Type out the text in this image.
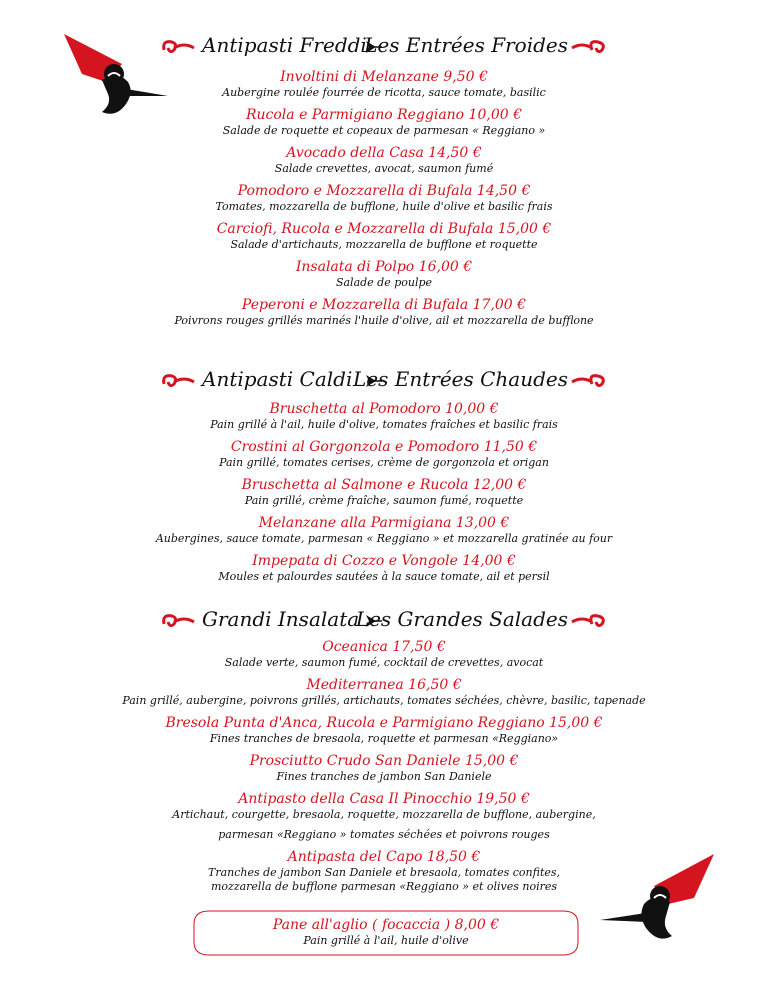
Antipasti Freddi
Les Entrées Froides
Involtini di Melanzane 9,50 €
Aubergine roulée fourrée de ricotta, sauce tomate, basilic
Rucola e Parmigiano Reggiano 10,00 €
Salade de roquette et copeaux de parmesan « Reggiano »
Avocado della Casa 14,50 €
Salade crevettes, avocat, saumon fumé
Pomodoro e Mozzarella di Bufala 14,50 €
Tomates, mozzarella de bufflone, huile d'olive et basilic frais
Carciofi, Rucola e Mozzarella di Bufala 15,00 €
Salade d'artichauts, mozzarella de bufflone et roquette
Insalata di Polpo 16,00 €
Salade de poulpe
Peperoni e Mozzarella di Bufala 17,00 €
Poivrons rouges grillés marinés l'huile d'olive, ail et mozzarella de bufflone
Antipasti Caldi Les Entrées Chaudes
Bruschetta al Pomodoro 10,00 €
Pain grillé à l'ail, huile d'olive, tomates fraîches et basilic frais
Crostini al Gorgonzola e Pomodoro 11,50 €
Pain grillé, tomates cerises, crème de gorgonzola et origan
Bruschetta al Salmone e Rucola 12,00 €
Pain grillé, crème fraîche, saumon fumé, roquette
Melanzane alla Parmigiana 13,00 €
Aubergines, sauce tomate, parmesan « Reggiano » et mozzarella gratinée au four
Impepata di Cozzo e Vongole 14,00 €
Moules et palourdes sautées à la sauce tomate, ail et persil
Grandi Insalata
Les Grandes Salades
Oceanica 17,50 €
Salade verte, saumon fumé, cocktail de crevettes, avocat
Mediterranea 16,50 €
Pain grillé, aubergine, poivrons grillés, artichauts, tomates séchées, chèvre, basilic, tapenade
Bresola Punta d'Anca, Rucola e Parmigiano Reggiano 15,00 €
Fines tranches de bresaola, roquette et parmesan «Reggiano»
Prosciutto Crudo San Daniele 15,00 €
Fines tranches de jambon San Daniele
Antipasto della Casa Il Pinocchio 19,50 €
Artichaut, courgette, bresaola, roquette, mozzarella de bufflone, aubergine,
parmesan «Reggiano » tomates séchées et poivrons rouges
Antipasta del Capo 18,50 €
Tranches de jambon San Daniele et bresaola, tomates confites,
mozzarella de bufflone parmesan «Reggiano » et olives noires
Pane all'aglio ( focaccia ) 8,00 €
Pain grillé à l'ail, huile d'olive
